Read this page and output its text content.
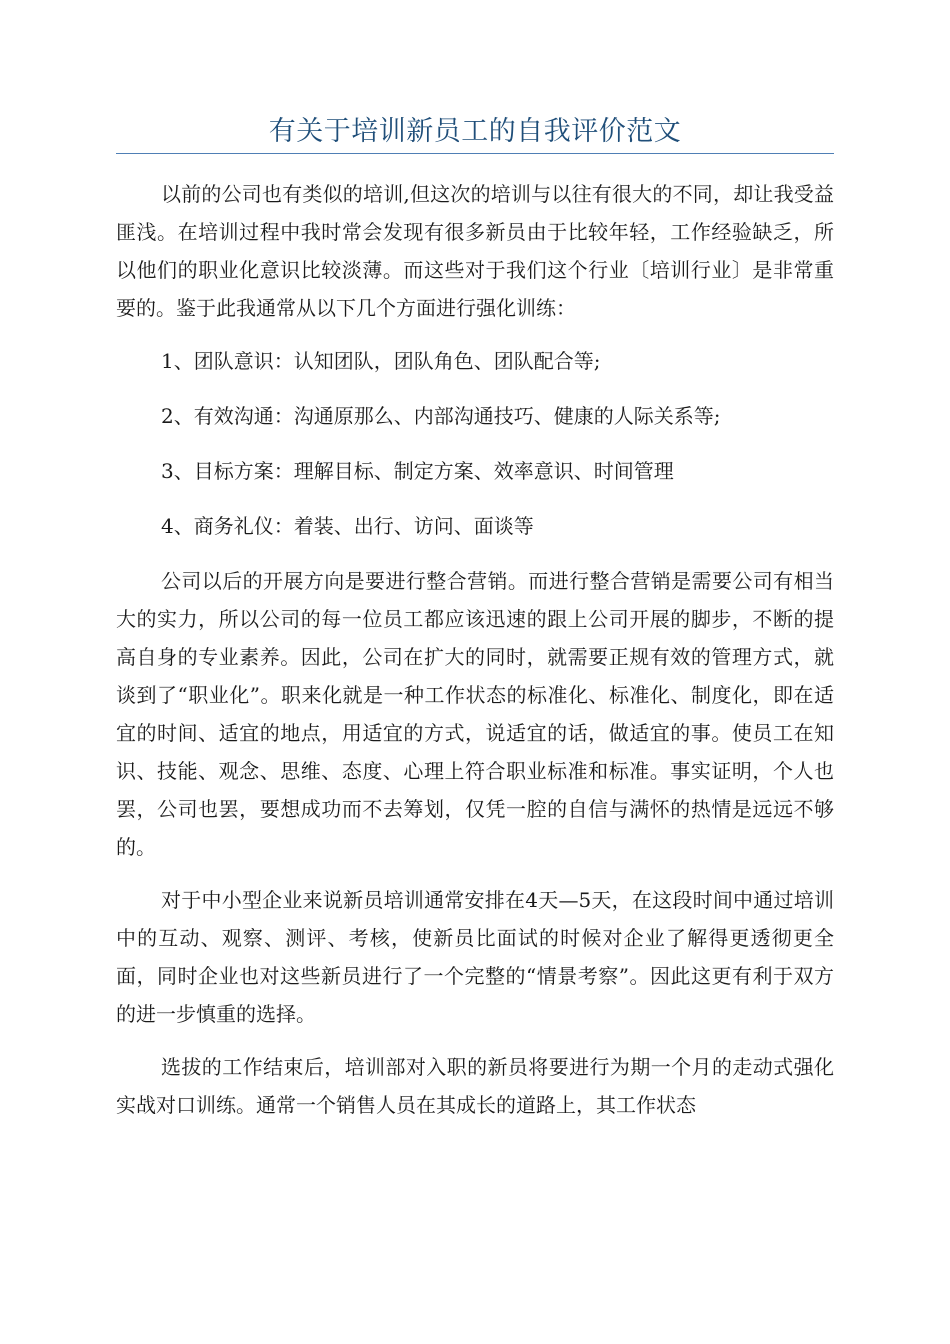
有关于培训新员工的自我评价范文

以前的公司也有类似的培训,但这次的培训与以往有很大的不同，却让我受益匪浅。在培训过程中我时常会发现有很多新员由于比较年轻，工作经验缺乏，所以他们的职业化意识比较淡薄。而这些对于我们这个行业〔培训行业〕是非常重要的。鉴于此我通常从以下几个方面进行强化训练：

1、团队意识：认知团队，团队角色、团队配合等;

2、有效沟通：沟通原那么、内部沟通技巧、健康的人际关系等;

3、目标方案：理解目标、制定方案、效率意识、时间管理

4、商务礼仪：着装、出行、访问、面谈等

公司以后的开展方向是要进行整合营销。而进行整合营销是需要公司有相当大的实力，所以公司的每一位员工都应该迅速的跟上公司开展的脚步，不断的提高自身的专业素养。因此，公司在扩大的同时，就需要正规有效的管理方式，就谈到了“职业化”。职来化就是一种工作状态的标准化、标准化、制度化，即在适宜的时间、适宜的地点，用适宜的方式，说适宜的话，做适宜的事。使员工在知识、技能、观念、思维、态度、心理上符合职业标准和标准。事实证明，个人也罢，公司也罢，要想成功而不去筹划，仅凭一腔的自信与满怀的热情是远远不够的。

对于中小型企业来说新员培训通常安排在4天—5天，在这段时间中通过培训中的互动、观察、测评、考核，使新员比面试的时候对企业了解得更透彻更全面，同时企业也对这些新员进行了一个完整的“情景考察”。因此这更有利于双方的进一步慎重的选择。

选拔的工作结束后，培训部对入职的新员将要进行为期一个月的走动式强化实战对口训练。通常一个销售人员在其成长的道路上，其工作状态
